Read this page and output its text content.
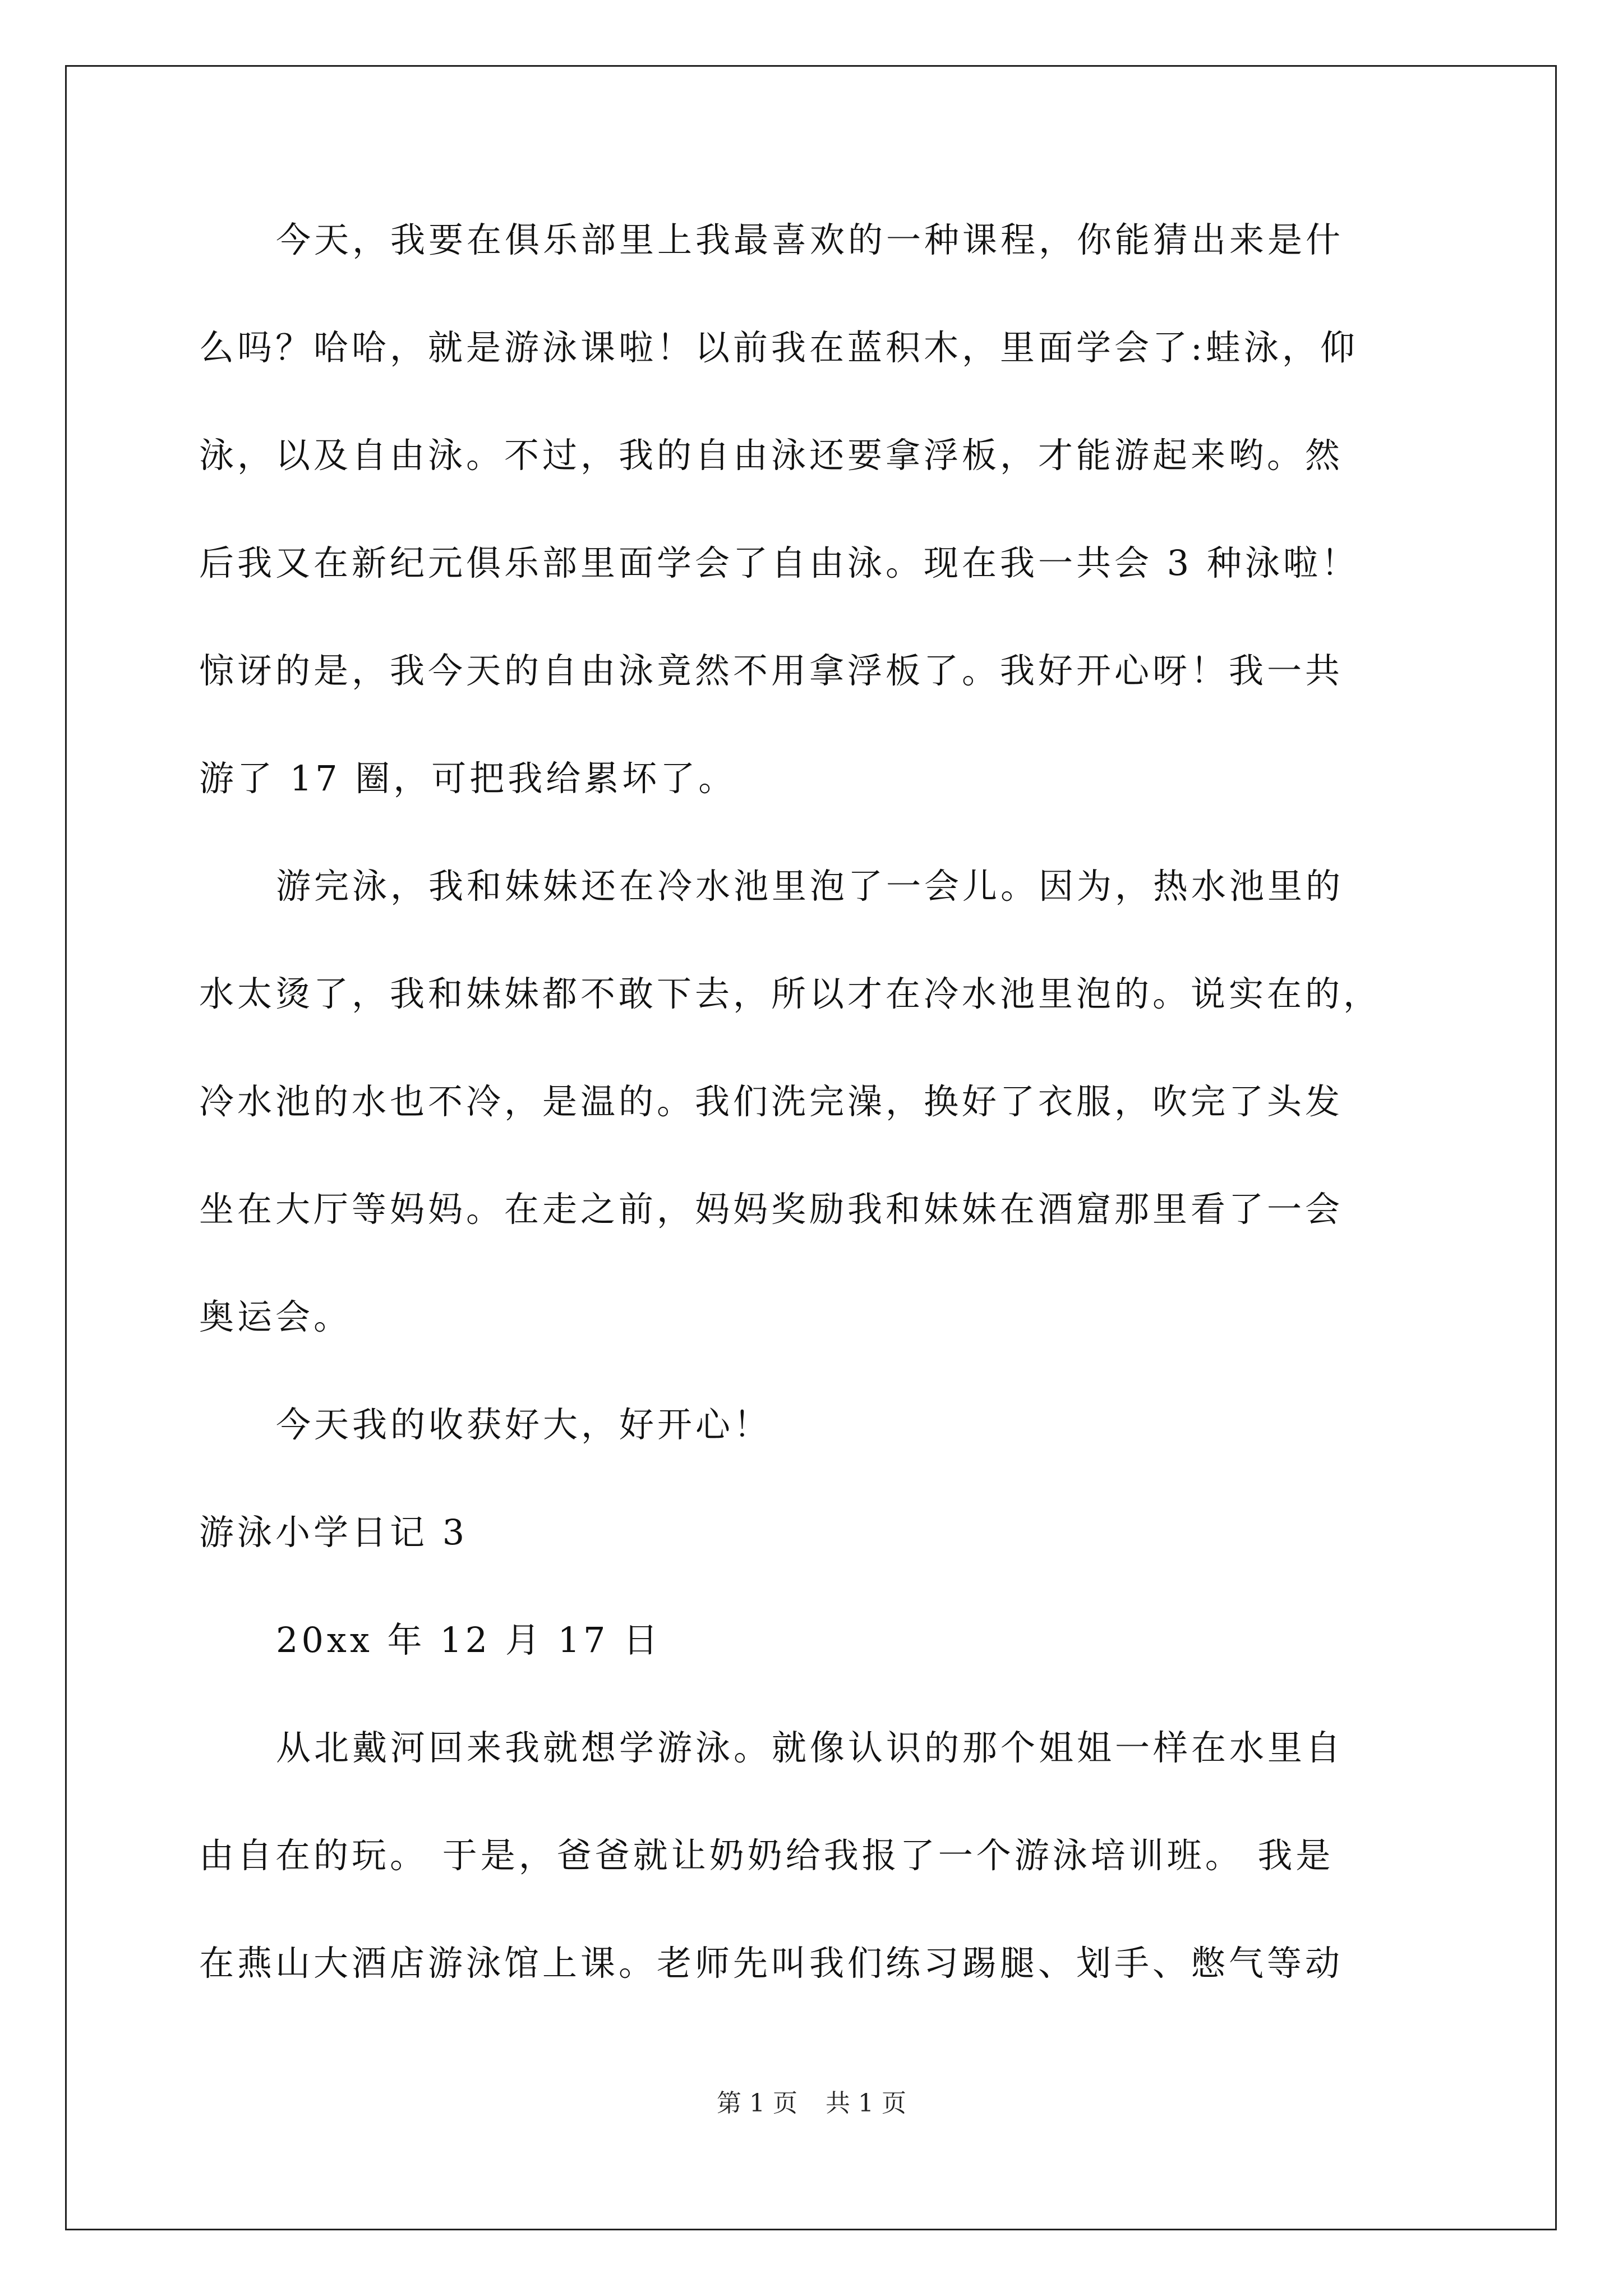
今天，我要在俱乐部里上我最喜欢的一种课程，你能猜出来是什
么吗？哈哈，就是游泳课啦！以前我在蓝积木，里面学会了:蛙泳，仰
泳，以及自由泳。不过，我的自由泳还要拿浮板，才能游起来哟。然
后我又在新纪元俱乐部里面学会了自由泳。现在我一共会 3 种泳啦！
惊讶的是，我今天的自由泳竟然不用拿浮板了。我好开心呀！我一共
游了 17 圈，可把我给累坏了。
游完泳，我和妹妹还在冷水池里泡了一会儿。因为，热水池里的
水太烫了，我和妹妹都不敢下去，所以才在冷水池里泡的。说实在的，
冷水池的水也不冷，是温的。我们洗完澡，换好了衣服，吹完了头发
坐在大厅等妈妈。在走之前，妈妈奖励我和妹妹在酒窟那里看了一会
奥运会。
今天我的收获好大，好开心！
游泳小学日记 3
20xx 年 12 月 17 日
从北戴河回来我就想学游泳。就像认识的那个姐姐一样在水里自
由自在的玩。 于是，爸爸就让奶奶给我报了一个游泳培训班。 我是
在燕山大酒店游泳馆上课。老师先叫我们练习踢腿、划手、憋气等动
第 1 页 共 1 页
